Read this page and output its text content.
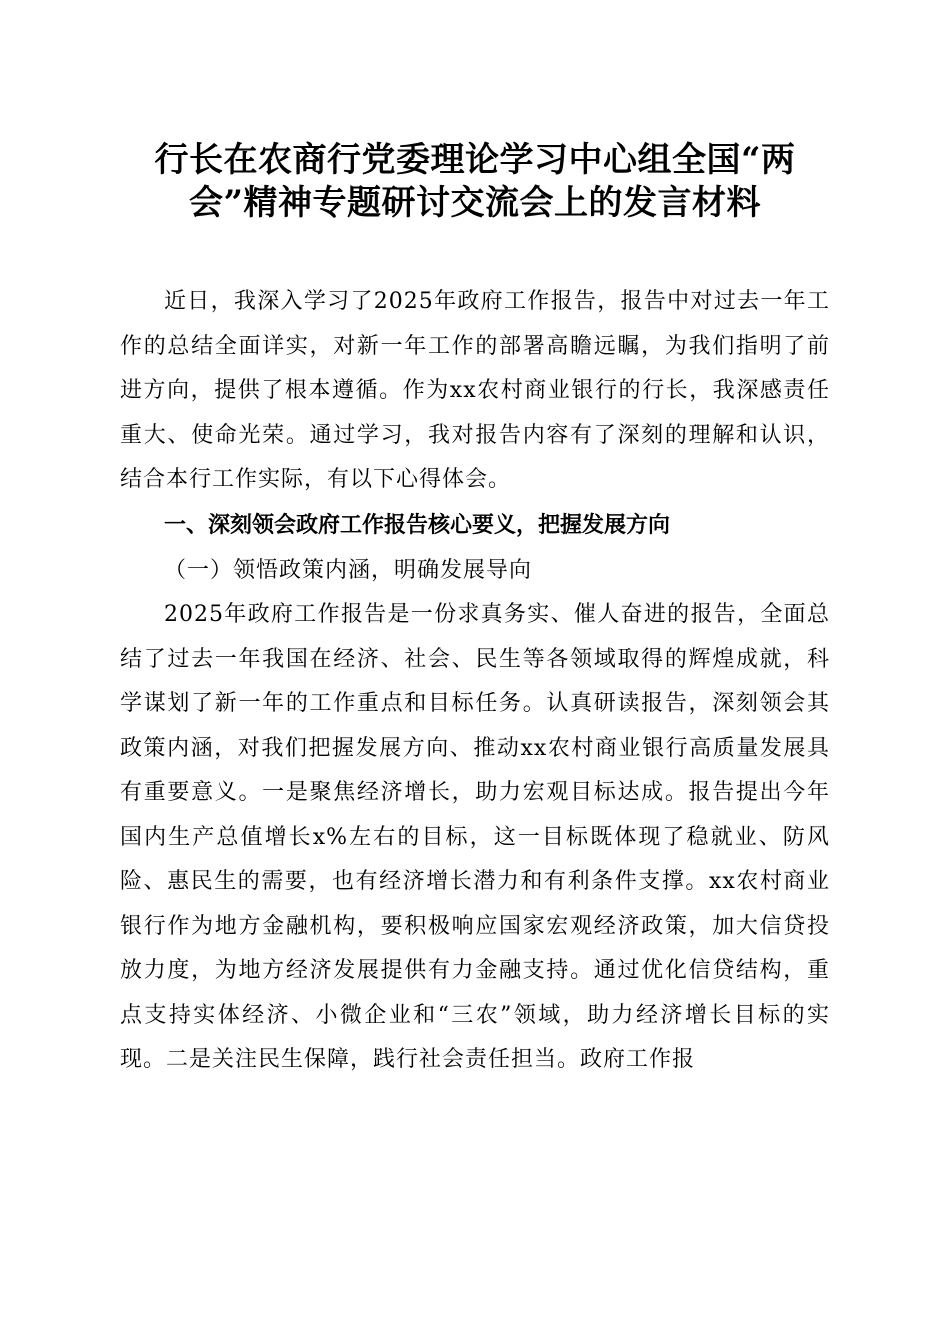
行长在农商行党委理论学习中心组全国“两会”精神专题研讨交流会上的发言材料

近日，我深入学习了2025年政府工作报告，报告中对过去一年工作的总结全面详实，对新一年工作的部署高瞻远瞩，为我们指明了前进方向，提供了根本遵循。作为xx农村商业银行的行长，我深感责任重大、使命光荣。通过学习，我对报告内容有了深刻的理解和认识，结合本行工作实际，有以下心得体会。

一、深刻领会政府工作报告核心要义，把握发展方向

（一）领悟政策内涵，明确发展导向

2025年政府工作报告是一份求真务实、催人奋进的报告，全面总结了过去一年我国在经济、社会、民生等各领域取得的辉煌成就，科学谋划了新一年的工作重点和目标任务。认真研读报告，深刻领会其政策内涵，对我们把握发展方向、推动xx农村商业银行高质量发展具有重要意义。一是聚焦经济增长，助力宏观目标达成。报告提出今年国内生产总值增长x%左右的目标，这一目标既体现了稳就业、防风险、惠民生的需要，也有经济增长潜力和有利条件支撑。xx农村商业银行作为地方金融机构，要积极响应国家宏观经济政策，加大信贷投放力度，为地方经济发展提供有力金融支持。通过优化信贷结构，重点支持实体经济、小微企业和“三农”领域，助力经济增长目标的实现。二是关注民生保障，践行社会责任担当。政府工作报
